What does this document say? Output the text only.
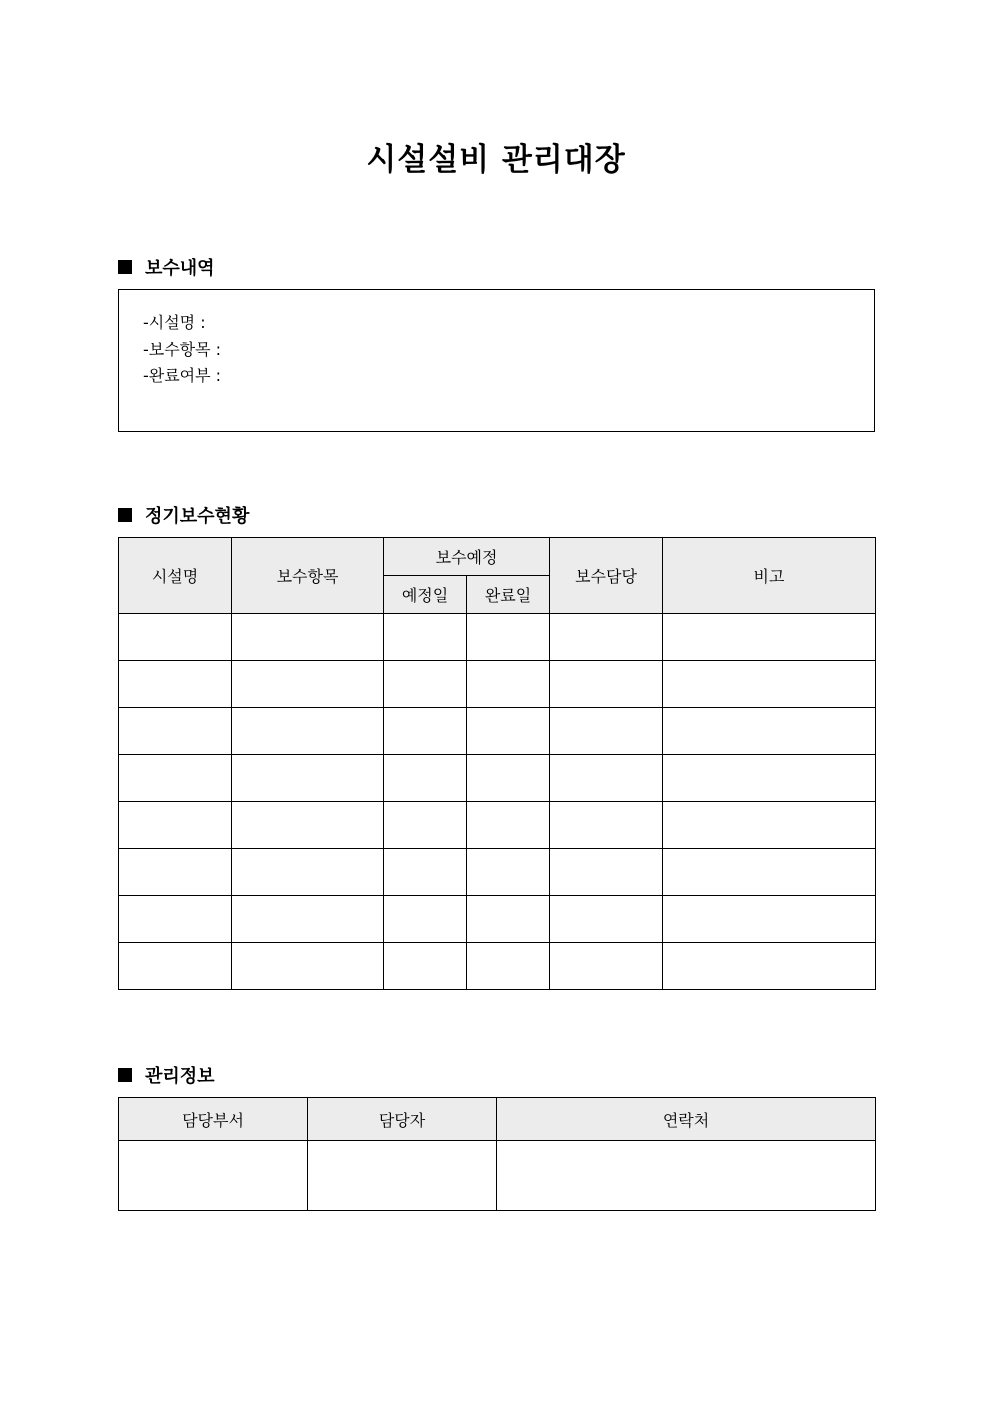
시설설비 관리대장
보수내역
-시설명 :
-보수항목 :
-완료여부 :
정기보수현황
시설명	보수항목	보수예정		보수담당	비고
		예정일	완료일		

관리정보
담당부서	담당자	연락처
